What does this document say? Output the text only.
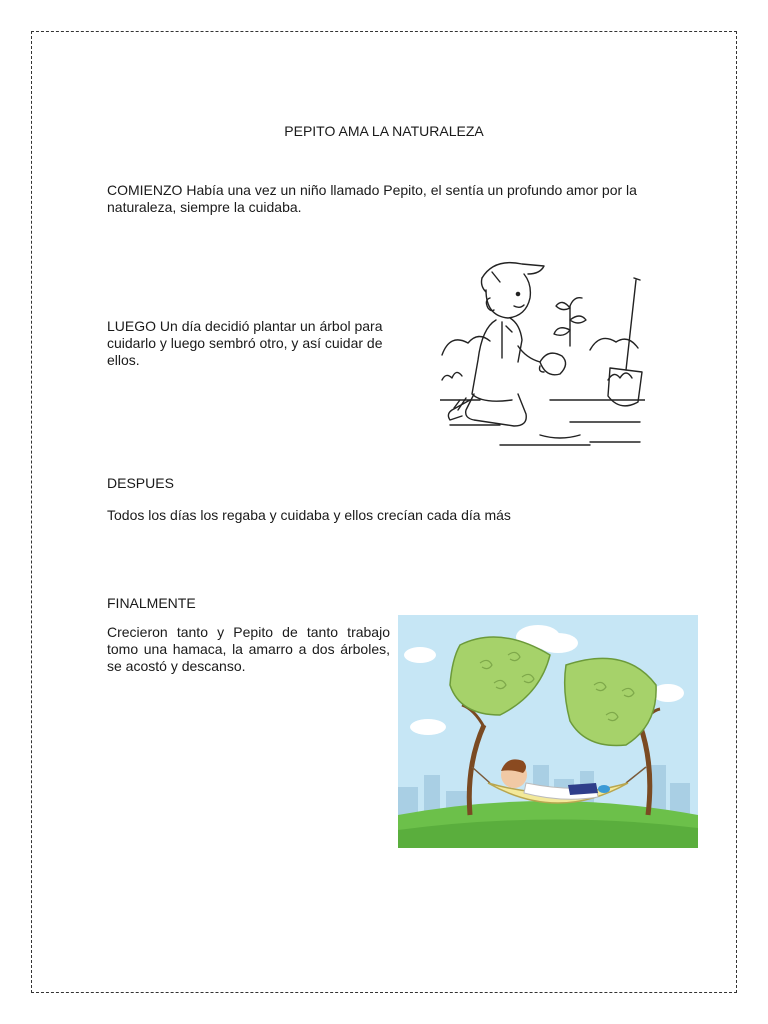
PEPITO AMA LA NATURALEZA
COMIENZO Había una vez un niño llamado Pepito, el sentía un profundo amor por la naturaleza, siempre la cuidaba.
LUEGO Un día decidió plantar un árbol para cuidarlo y luego sembró otro, y así cuidar de ellos.
DESPUES
Todos los días los regaba y cuidaba y ellos crecían cada día más
FINALMENTE
Crecieron tanto y Pepito de tanto trabajo tomo una hamaca, la amarro a dos árboles, se acostó y descanso.
